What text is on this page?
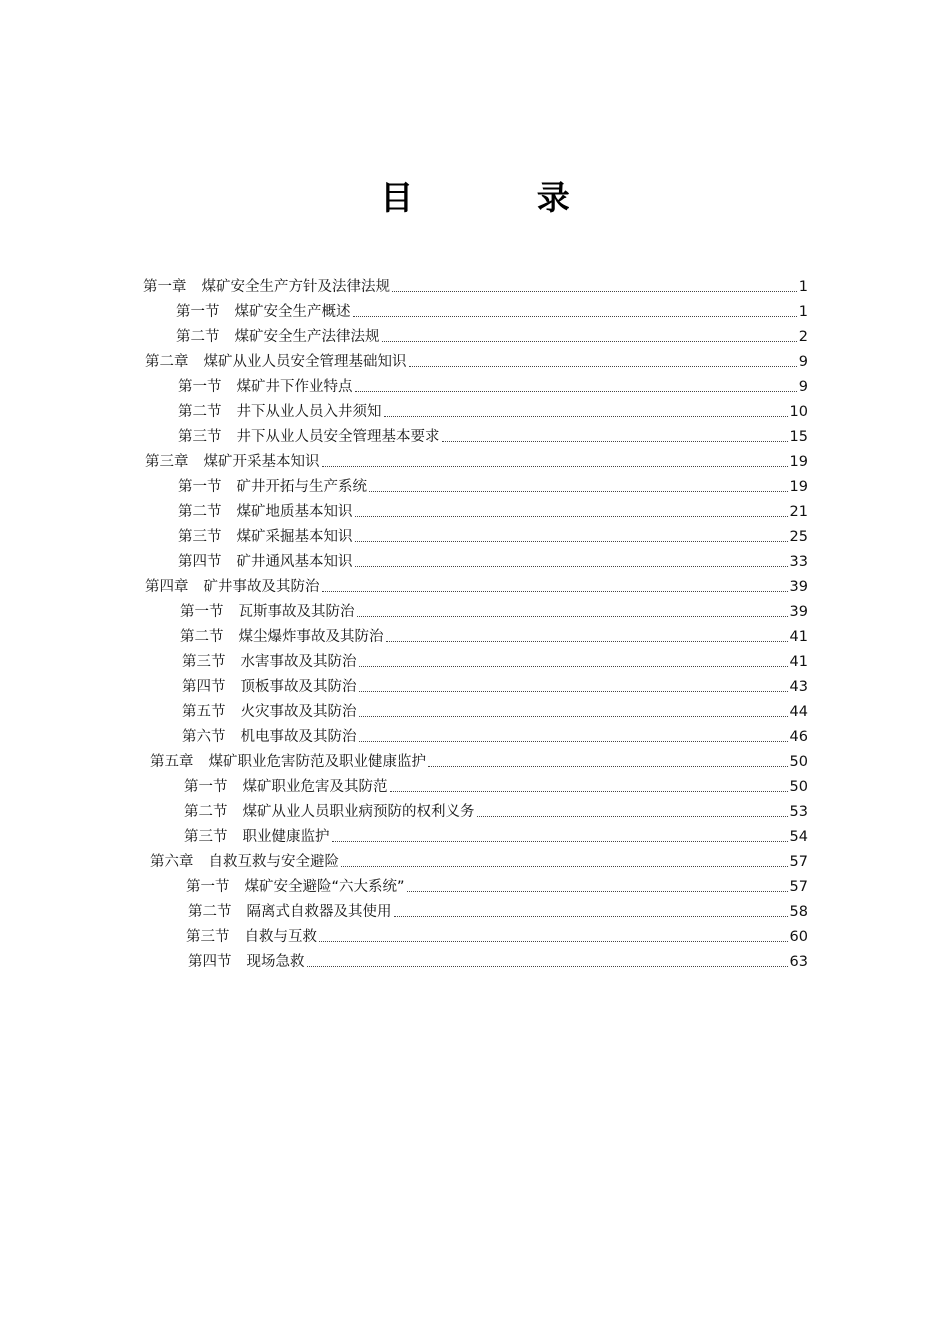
目 录
第一章 煤矿安全生产方针及法律法规	1
第一节 煤矿安全生产概述	1
第二节 煤矿安全生产法律法规	2
第二章 煤矿从业人员安全管理基础知识	9
第一节 煤矿井下作业特点	9
第二节 井下从业人员入井须知	10
第三节 井下从业人员安全管理基本要求	15
第三章 煤矿开采基本知识	19
第一节 矿井开拓与生产系统	19
第二节 煤矿地质基本知识	21
第三节 煤矿采掘基本知识	25
第四节 矿井通风基本知识	33
第四章 矿井事故及其防治	39
第一节 瓦斯事故及其防治	39
第二节 煤尘爆炸事故及其防治	41
第三节 水害事故及其防治	41
第四节 顶板事故及其防治	43
第五节 火灾事故及其防治	44
第六节 机电事故及其防治	46
第五章 煤矿职业危害防范及职业健康监护	50
第一节 煤矿职业危害及其防范	50
第二节 煤矿从业人员职业病预防的权利义务	53
第三节 职业健康监护	54
第六章 自救互救与安全避险	57
第一节 煤矿安全避险“六大系统”	57
第二节 隔离式自救器及其使用	58
第三节 自救与互救	60
第四节 现场急救	63
